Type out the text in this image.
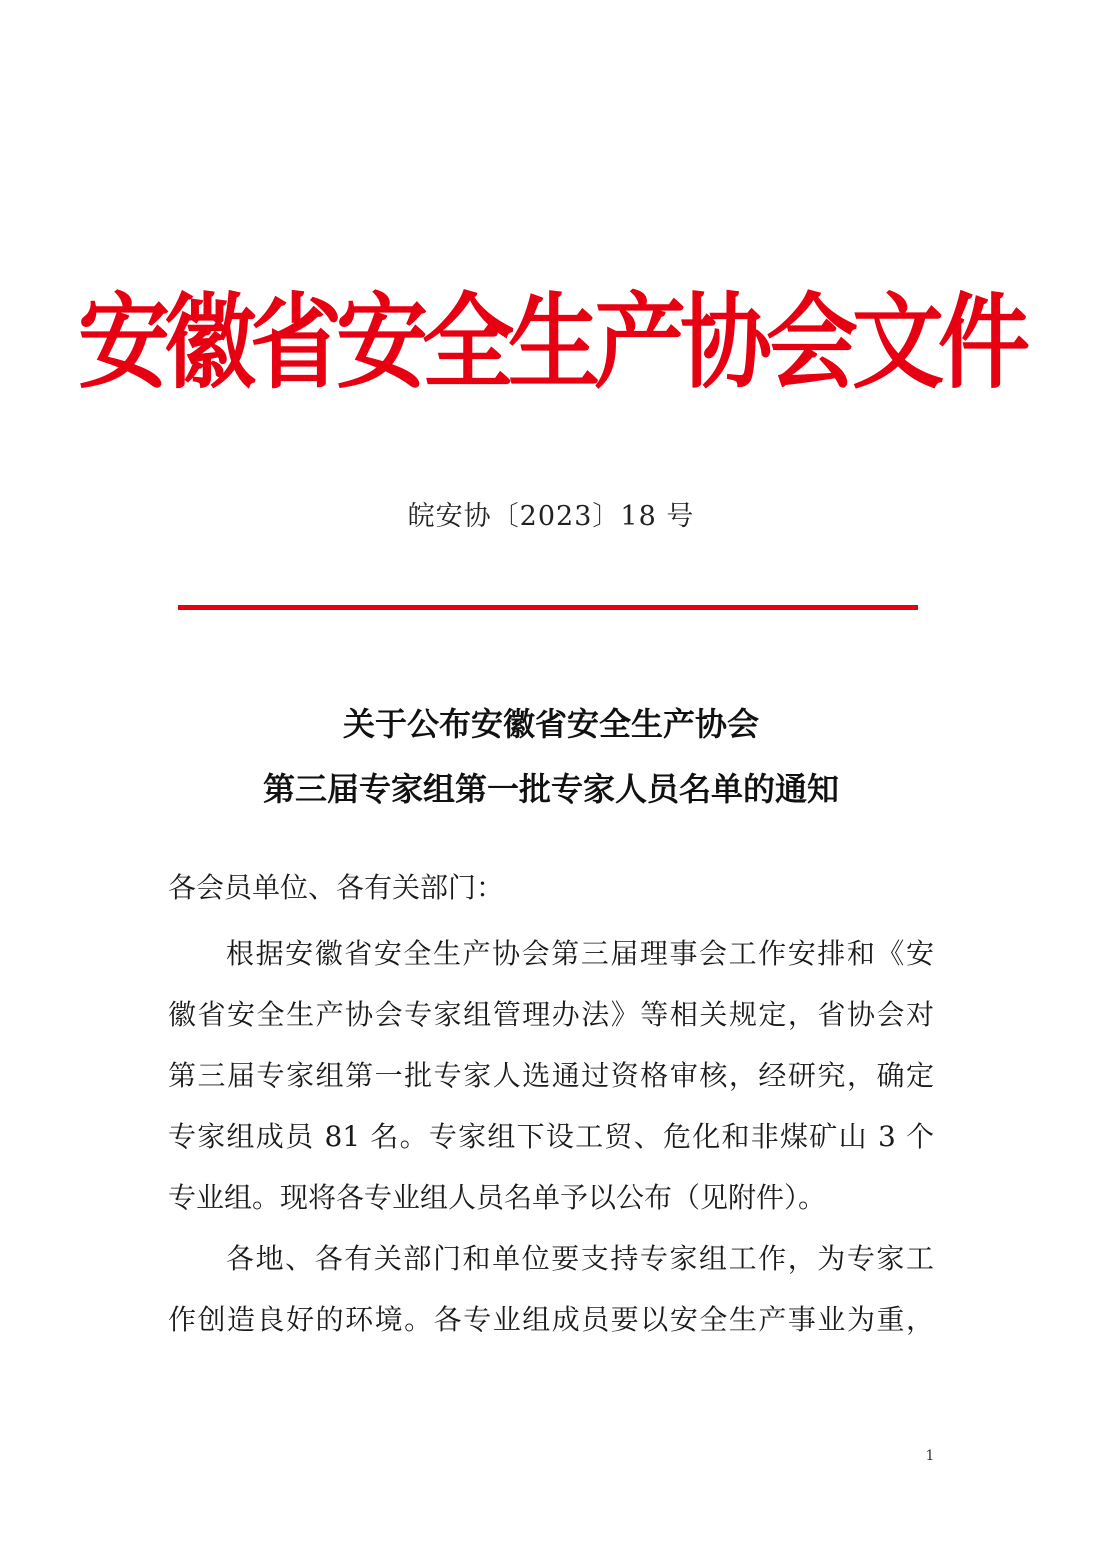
安徽省安全生产协会文件
皖安协〔2023〕18 号
关于公布安徽省安全生产协会
第三届专家组第一批专家人员名单的通知
各会员单位、各有关部门：
根据安徽省安全生产协会第三届理事会工作安排和《安
徽省安全生产协会专家组管理办法》等相关规定，省协会对
第三届专家组第一批专家人选通过资格审核，经研究，确定
专家组成员 81 名。专家组下设工贸、危化和非煤矿山 3 个
专业组。现将各专业组人员名单予以公布（见附件）。
各地、各有关部门和单位要支持专家组工作，为专家工
作创造良好的环境。各专业组成员要以安全生产事业为重，
1
